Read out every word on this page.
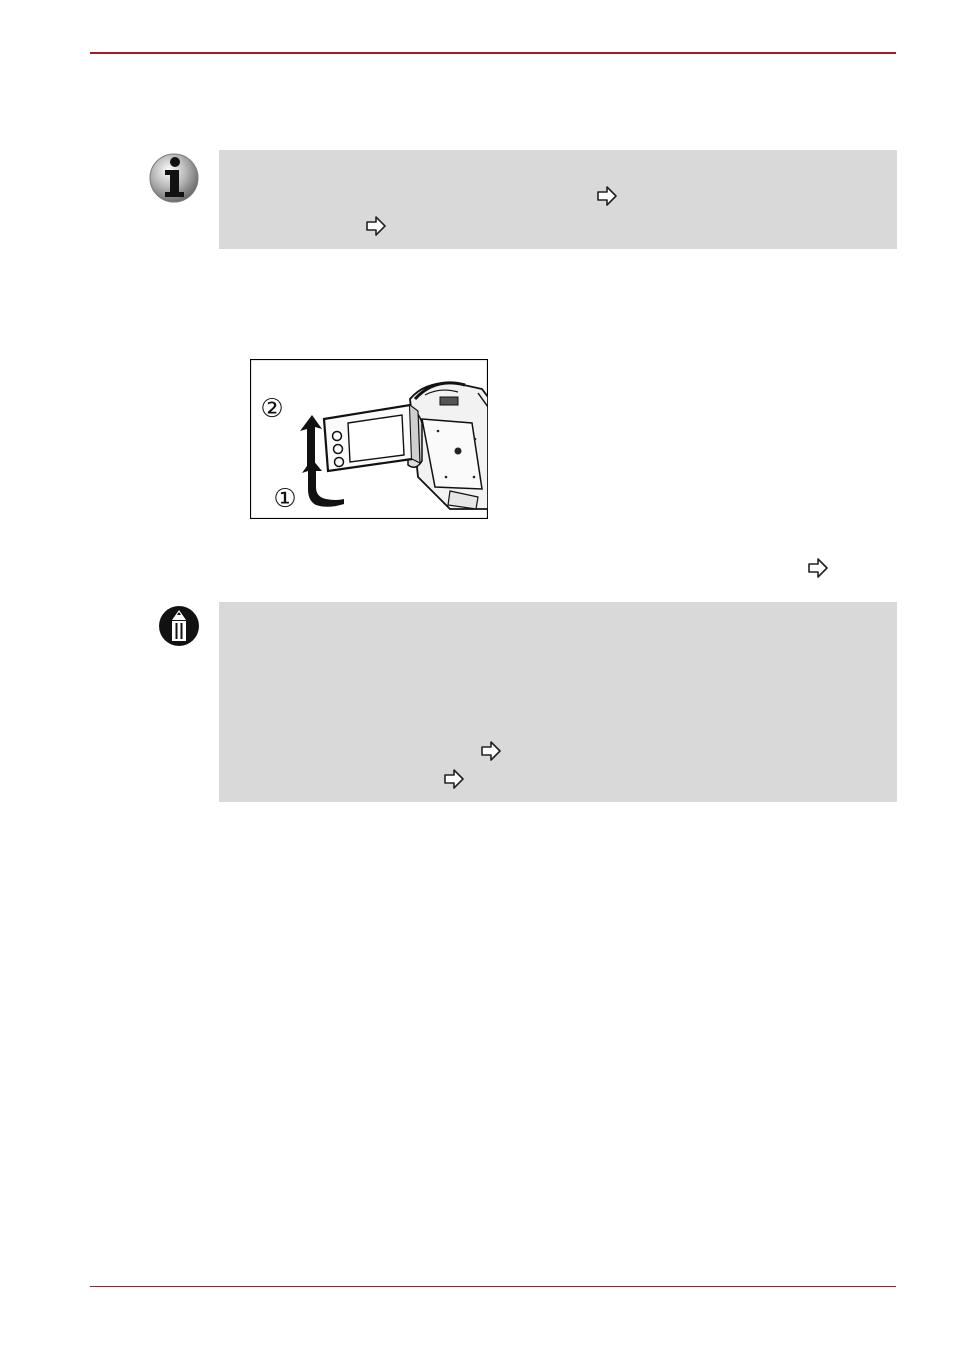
②
①
